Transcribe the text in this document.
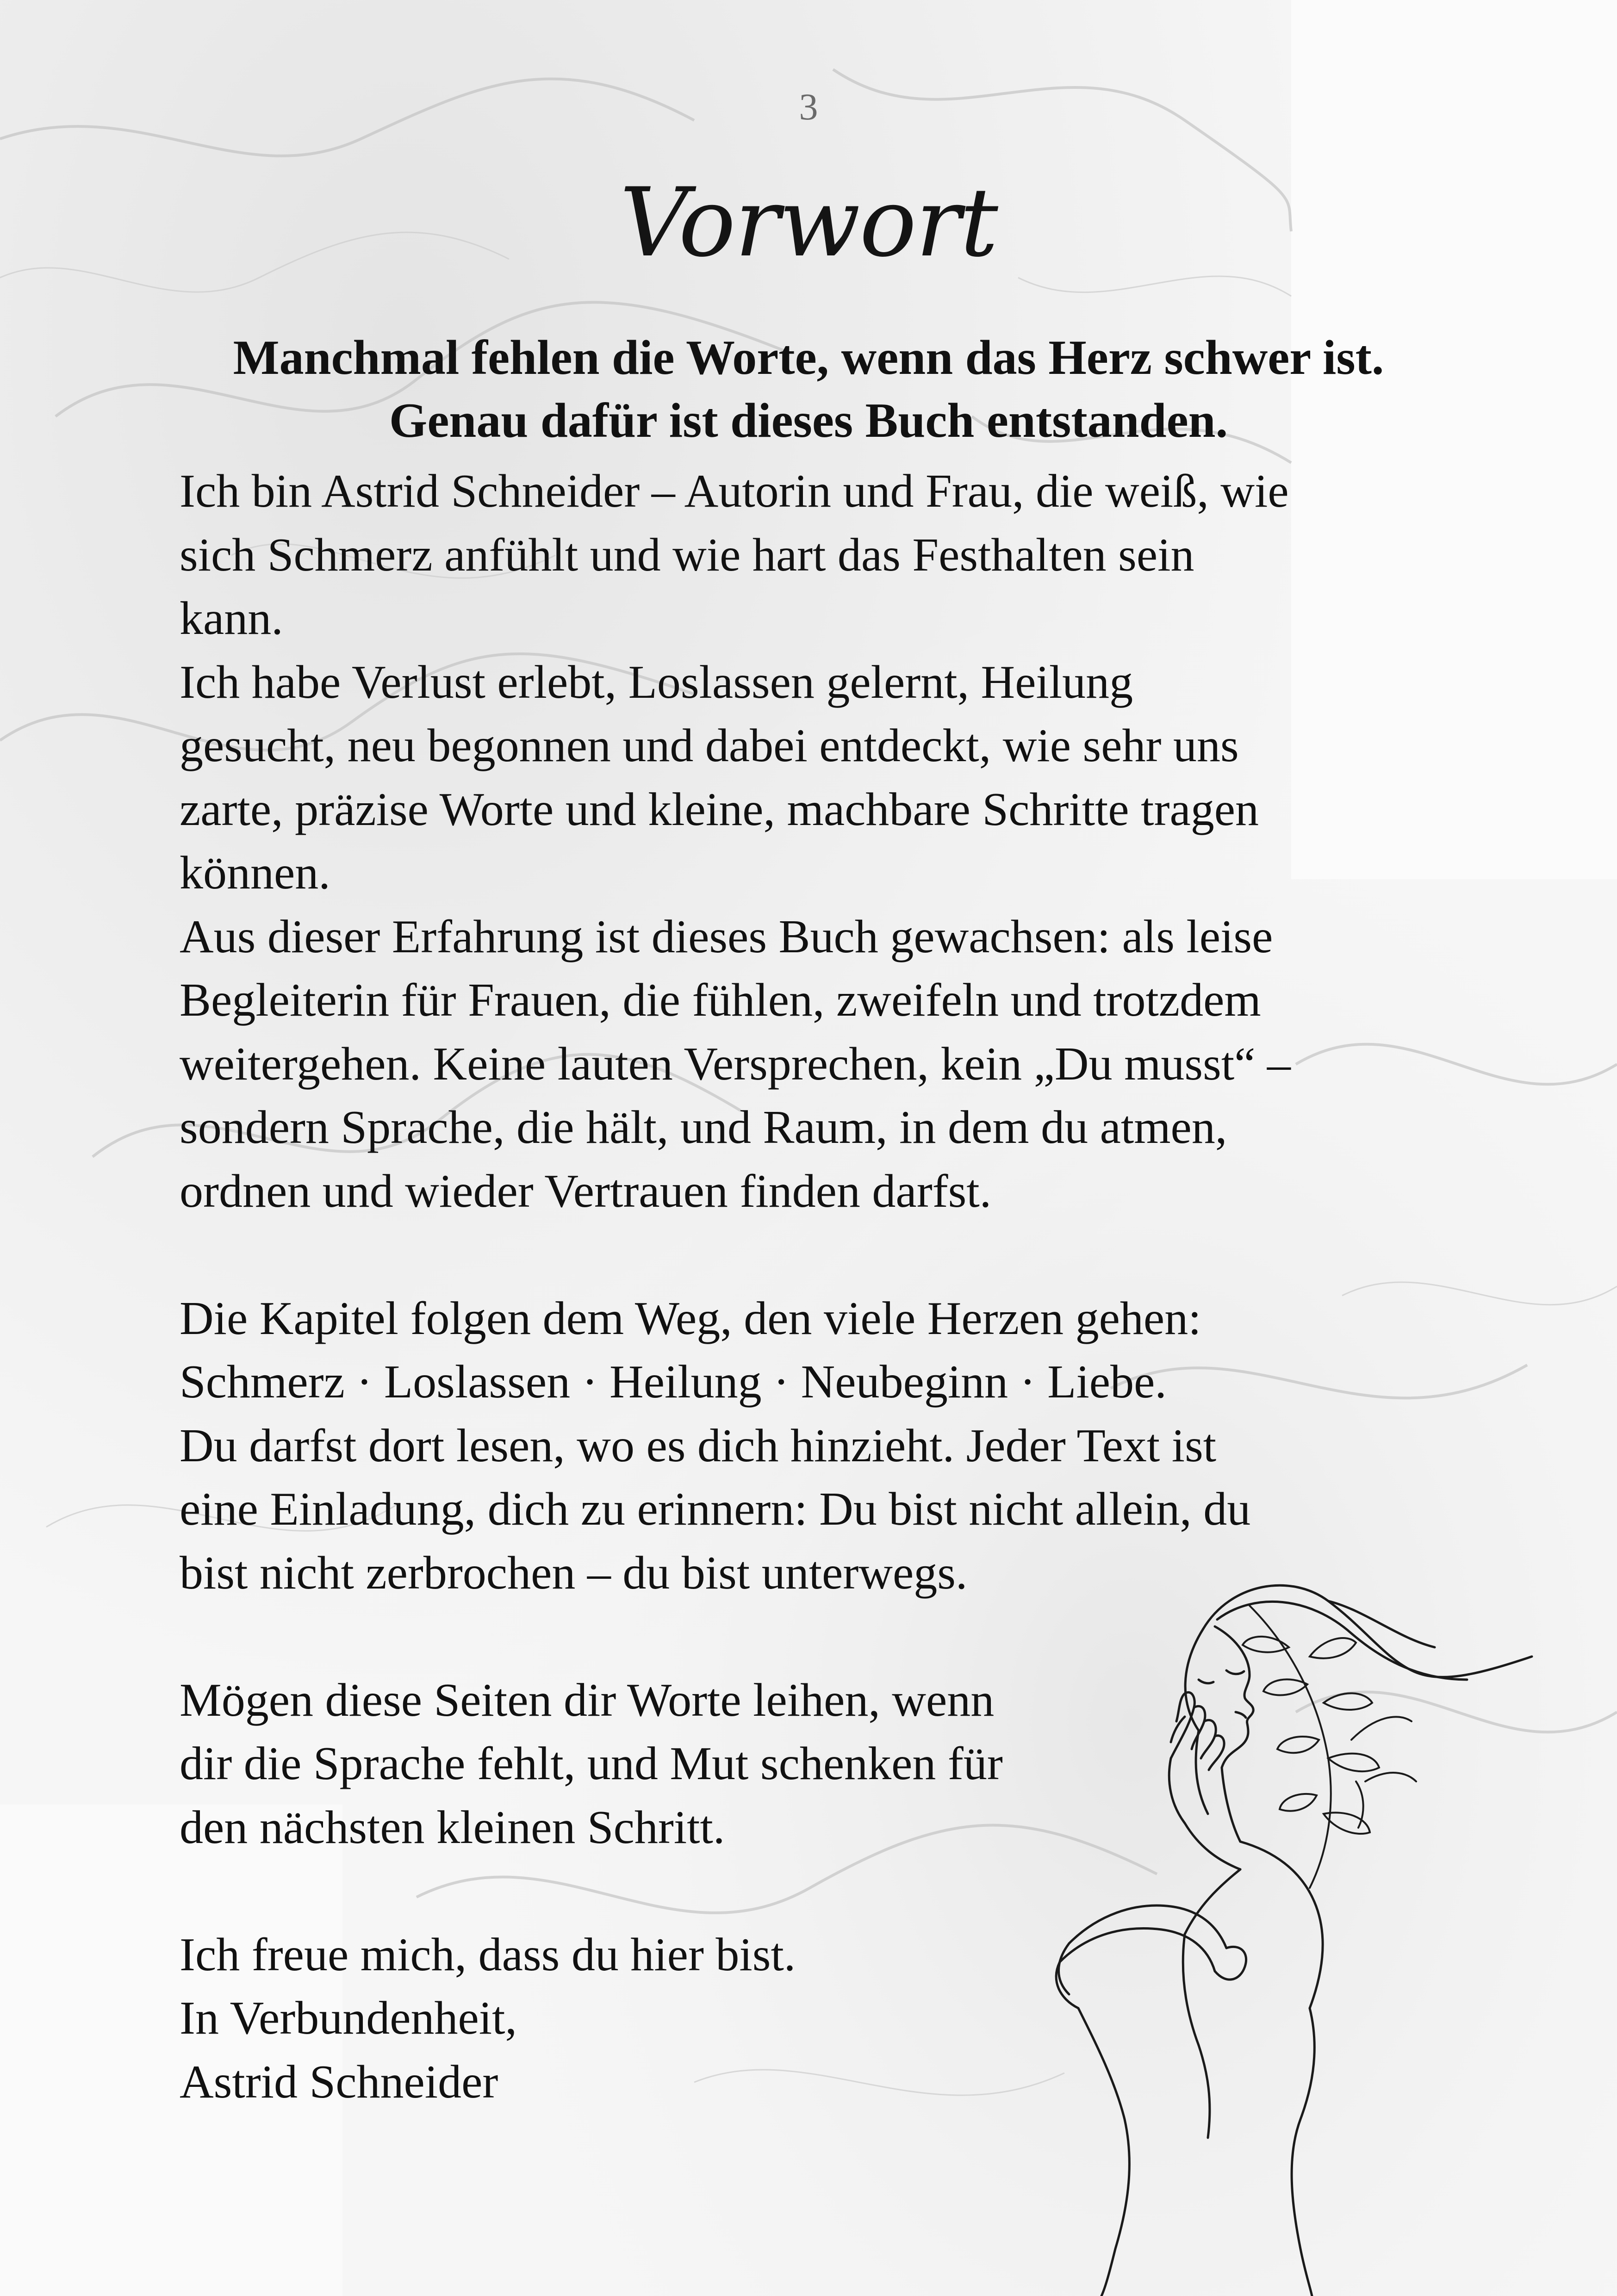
3
Vorwort
Manchmal fehlen die Worte, wenn das Herz schwer ist.
Genau dafür ist dieses Buch entstanden.
Ich bin Astrid Schneider – Autorin und Frau, die weiß, wie
sich Schmerz anfühlt und wie hart das Festhalten sein
kann.
Ich habe Verlust erlebt, Loslassen gelernt, Heilung
gesucht, neu begonnen und dabei entdeckt, wie sehr uns
zarte, präzise Worte und kleine, machbare Schritte tragen
können.
Aus dieser Erfahrung ist dieses Buch gewachsen: als leise
Begleiterin für Frauen, die fühlen, zweifeln und trotzdem
weitergehen. Keine lauten Versprechen, kein „Du musst“ –
sondern Sprache, die hält, und Raum, in dem du atmen,
ordnen und wieder Vertrauen finden darfst.

Die Kapitel folgen dem Weg, den viele Herzen gehen:
Schmerz · Loslassen · Heilung · Neubeginn · Liebe.
Du darfst dort lesen, wo es dich hinzieht. Jeder Text ist
eine Einladung, dich zu erinnern: Du bist nicht allein, du
bist nicht zerbrochen – du bist unterwegs.

Mögen diese Seiten dir Worte leihen, wenn
dir die Sprache fehlt, und Mut schenken für
den nächsten kleinen Schritt.

Ich freue mich, dass du hier bist.
In Verbundenheit,
Astrid Schneider
